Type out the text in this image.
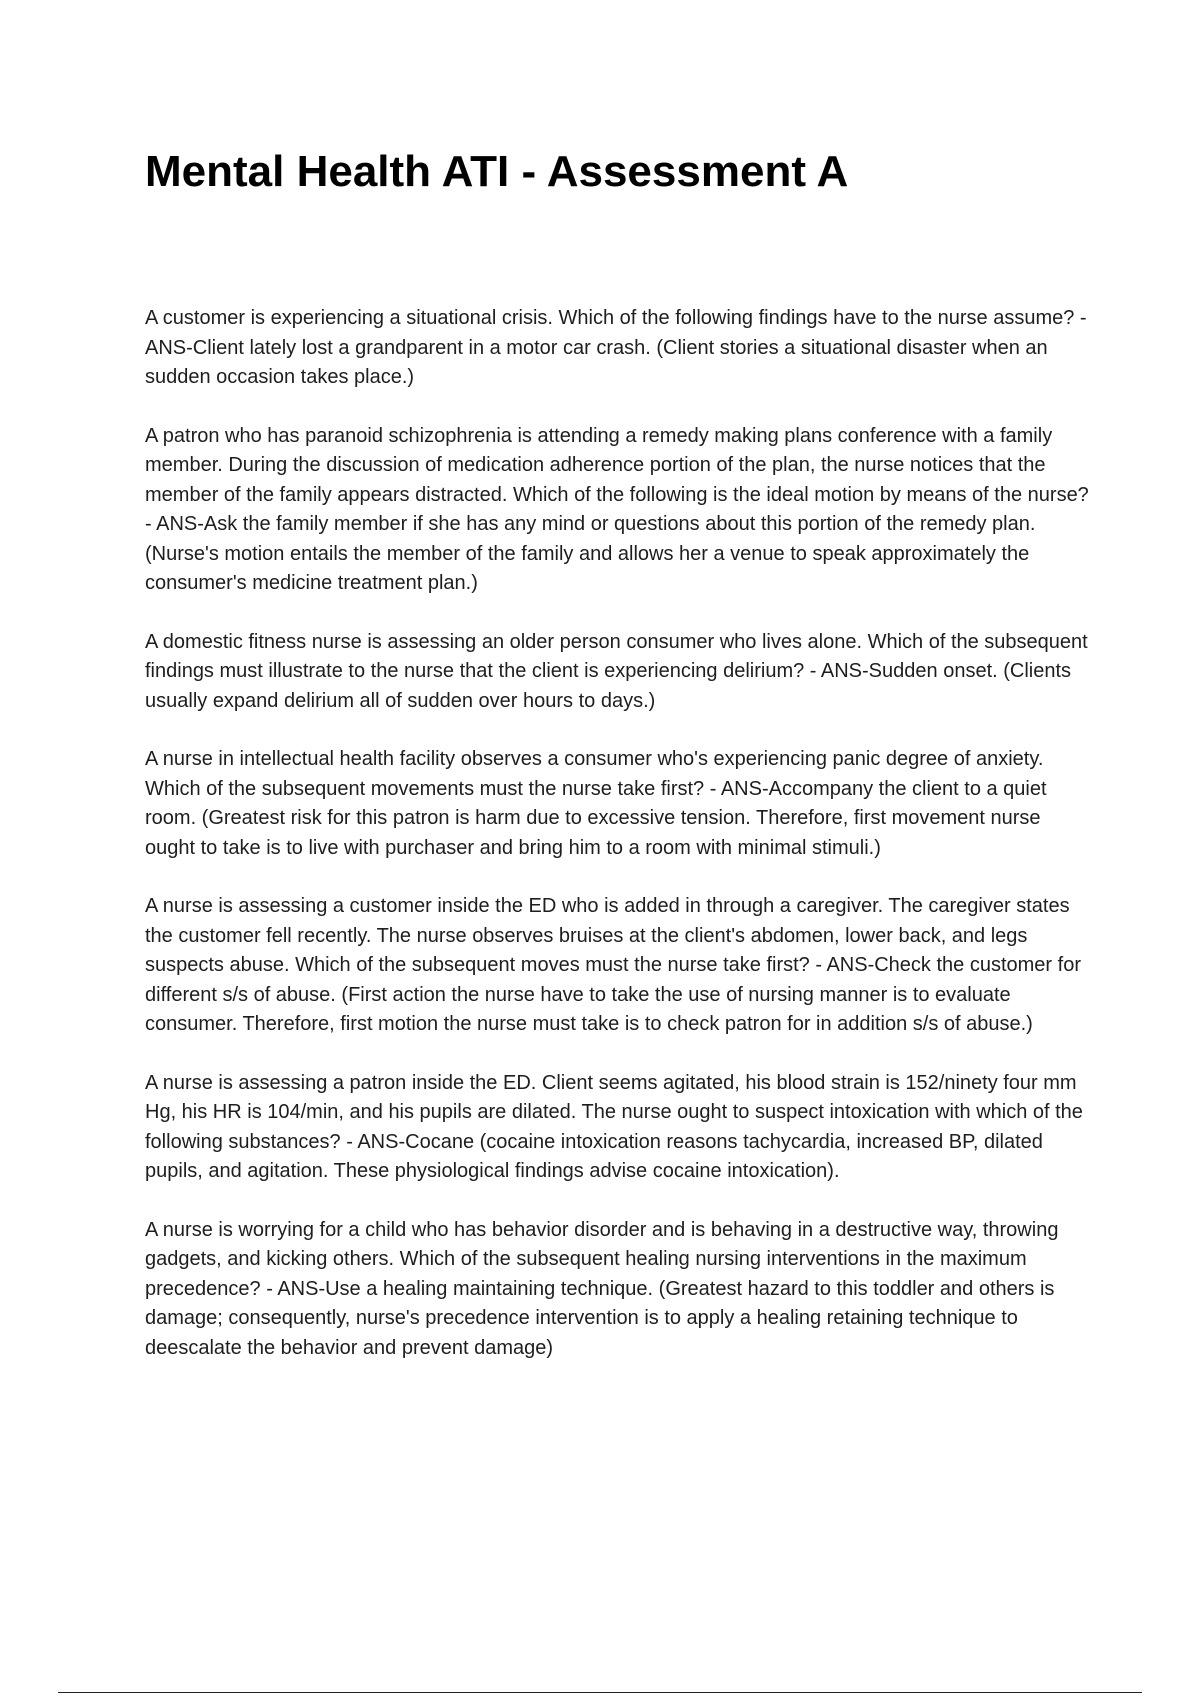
Mental Health ATI - Assessment A

A customer is experiencing a situational crisis. Which of the following findings have to the nurse assume? - ANS-Client lately lost a grandparent in a motor car crash. (Client stories a situational disaster when an sudden occasion takes place.)

A patron who has paranoid schizophrenia is attending a remedy making plans conference with a family member. During the discussion of medication adherence portion of the plan, the nurse notices that the member of the family appears distracted. Which of the following is the ideal motion by means of the nurse? - ANS-Ask the family member if she has any mind or questions about this portion of the remedy plan. (Nurse's motion entails the member of the family and allows her a venue to speak approximately the consumer's medicine treatment plan.)

A domestic fitness nurse is assessing an older person consumer who lives alone. Which of the subsequent findings must illustrate to the nurse that the client is experiencing delirium? - ANS-Sudden onset. (Clients usually expand delirium all of sudden over hours to days.)

A nurse in intellectual health facility observes a consumer who's experiencing panic degree of anxiety. Which of the subsequent movements must the nurse take first? - ANS-Accompany the client to a quiet room. (Greatest risk for this patron is harm due to excessive tension. Therefore, first movement nurse ought to take is to live with purchaser and bring him to a room with minimal stimuli.)

A nurse is assessing a customer inside the ED who is added in through a caregiver. The caregiver states the customer fell recently. The nurse observes bruises at the client's abdomen, lower back, and legs suspects abuse. Which of the subsequent moves must the nurse take first? - ANS-Check the customer for different s/s of abuse. (First action the nurse have to take the use of nursing manner is to evaluate consumer. Therefore, first motion the nurse must take is to check patron for in addition s/s of abuse.)

A nurse is assessing a patron inside the ED. Client seems agitated, his blood strain is 152/ninety four mm Hg, his HR is 104/min, and his pupils are dilated. The nurse ought to suspect intoxication with which of the following substances? - ANS-Cocane (cocaine intoxication reasons tachycardia, increased BP, dilated pupils, and agitation. These physiological findings advise cocaine intoxication).

A nurse is worrying for a child who has behavior disorder and is behaving in a destructive way, throwing gadgets, and kicking others. Which of the subsequent healing nursing interventions in the maximum precedence? - ANS-Use a healing maintaining technique. (Greatest hazard to this toddler and others is damage; consequently, nurse's precedence intervention is to apply a healing retaining technique to deescalate the behavior and prevent damage)
